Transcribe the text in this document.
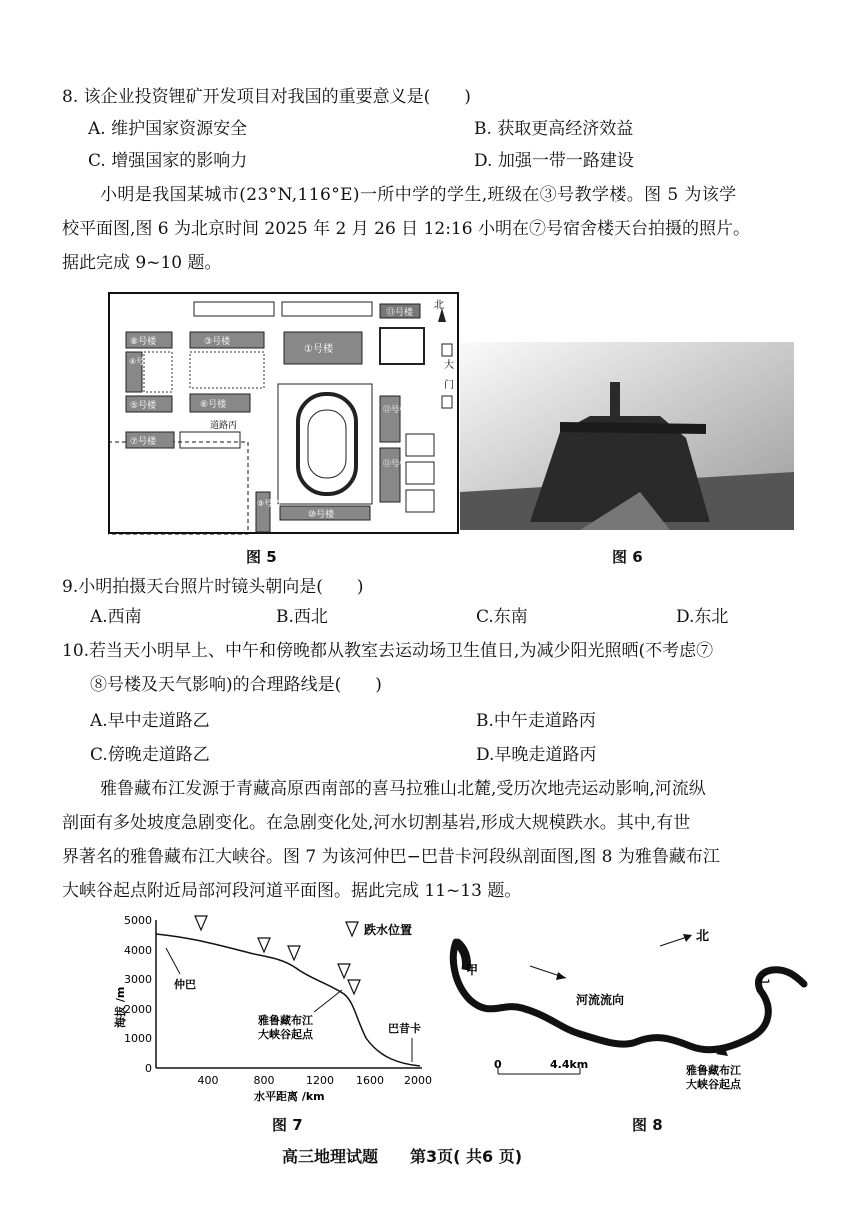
8. 该企业投资锂矿开发项目对我国的重要意义是(　　)
A. 维护国家资源安全	B. 获取更高经济效益
C. 增强国家的影响力	D. 加强一带一路建设
小明是我国某城市(23°N,116°E)一所中学的学生,班级在③号教学楼。图 5 为该学
校平面图,图 6 为北京时间 2025 年 2 月 26 日 12:16 小明在⑦号宿舍楼天台拍摄的照片。
据此完成 9~10 题。
⑬号楼
北
⑧号楼
④号楼
⑤号楼
③号楼
⑥号楼
①号楼
大
门
道路丙
⑦号楼
⑩号楼
⑫号楼
⑪号楼
⑨号楼
图 5	图 6
9.小明拍摄天台照片时镜头朝向是(　　)
A.西南	B.西北	C.东南	D.东北
10.若当天小明早上、中午和傍晚都从教室去运动场卫生值日,为减少阳光照晒(不考虑⑦
⑧号楼及天气影响)的合理路线是(　　)
A.早中走道路乙	B.中午走道路丙
C.傍晚走道路乙	D.早晚走道路丙
雅鲁藏布江发源于青藏高原西南部的喜马拉雅山北麓,受历次地壳运动影响,河流纵
剖面有多处坡度急剧变化。在急剧变化处,河水切割基岩,形成大规模跌水。其中,有世
界著名的雅鲁藏布江大峡谷。图 7 为该河仲巴−巴昔卡河段纵剖面图,图 8 为雅鲁藏布江
大峡谷起点附近局部河段河道平面图。据此完成 11~13 题。
5000
4000
3000
2000
1000
0
400	800	1200 1600 2000
海拔 /m
水平距离 /km
跌水位置
仲巴
雅鲁藏布江
大峡谷起点	巴昔卡
图 7
甲
乙
河流流向
北
0	4.4km	雅鲁藏布江
大峡谷起点
图 8
高三地理试题　　第3页( 共6 页)
